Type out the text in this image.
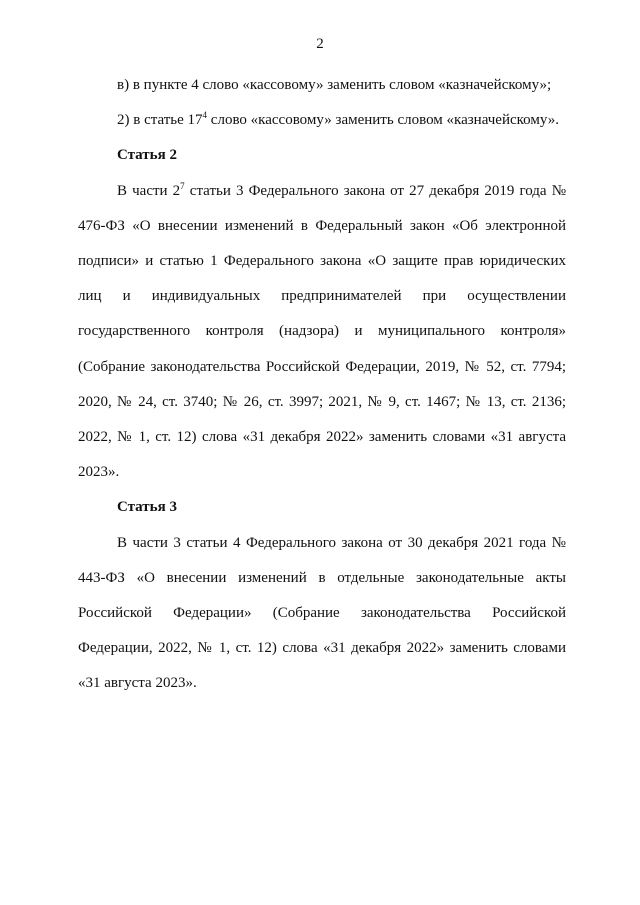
2

в) в пункте 4 слово «кассовому» заменить словом «казначейскому»;

2) в статье $17^4$ слово «кассовому» заменить словом «казначейскому».

Статья 2

В части $2^7$ статьи 3 Федерального закона от 27 декабря 2019 года № 476-ФЗ «О внесении изменений в Федеральный закон «Об электронной подписи» и статью 1 Федерального закона «О защите прав юридических лиц и индивидуальных предпринимателей при осуществлении государственного контроля (надзора) и муниципального контроля» (Собрание законодательства Российской Федерации, 2019, № 52, ст. 7794; 2020, № 24, ст. 3740; № 26, ст. 3997; 2021, № 9, ст. 1467; № 13, ст. 2136; 2022, № 1, ст. 12) слова «31 декабря 2022» заменить словами «31 августа 2023».

Статья 3

В части 3 статьи 4 Федерального закона от 30 декабря 2021 года № 443-ФЗ «О внесении изменений в отдельные законодательные акты Российской Федерации» (Собрание законодательства Российской Федерации, 2022, № 1, ст. 12) слова «31 декабря 2022» заменить словами «31 августа 2023».
